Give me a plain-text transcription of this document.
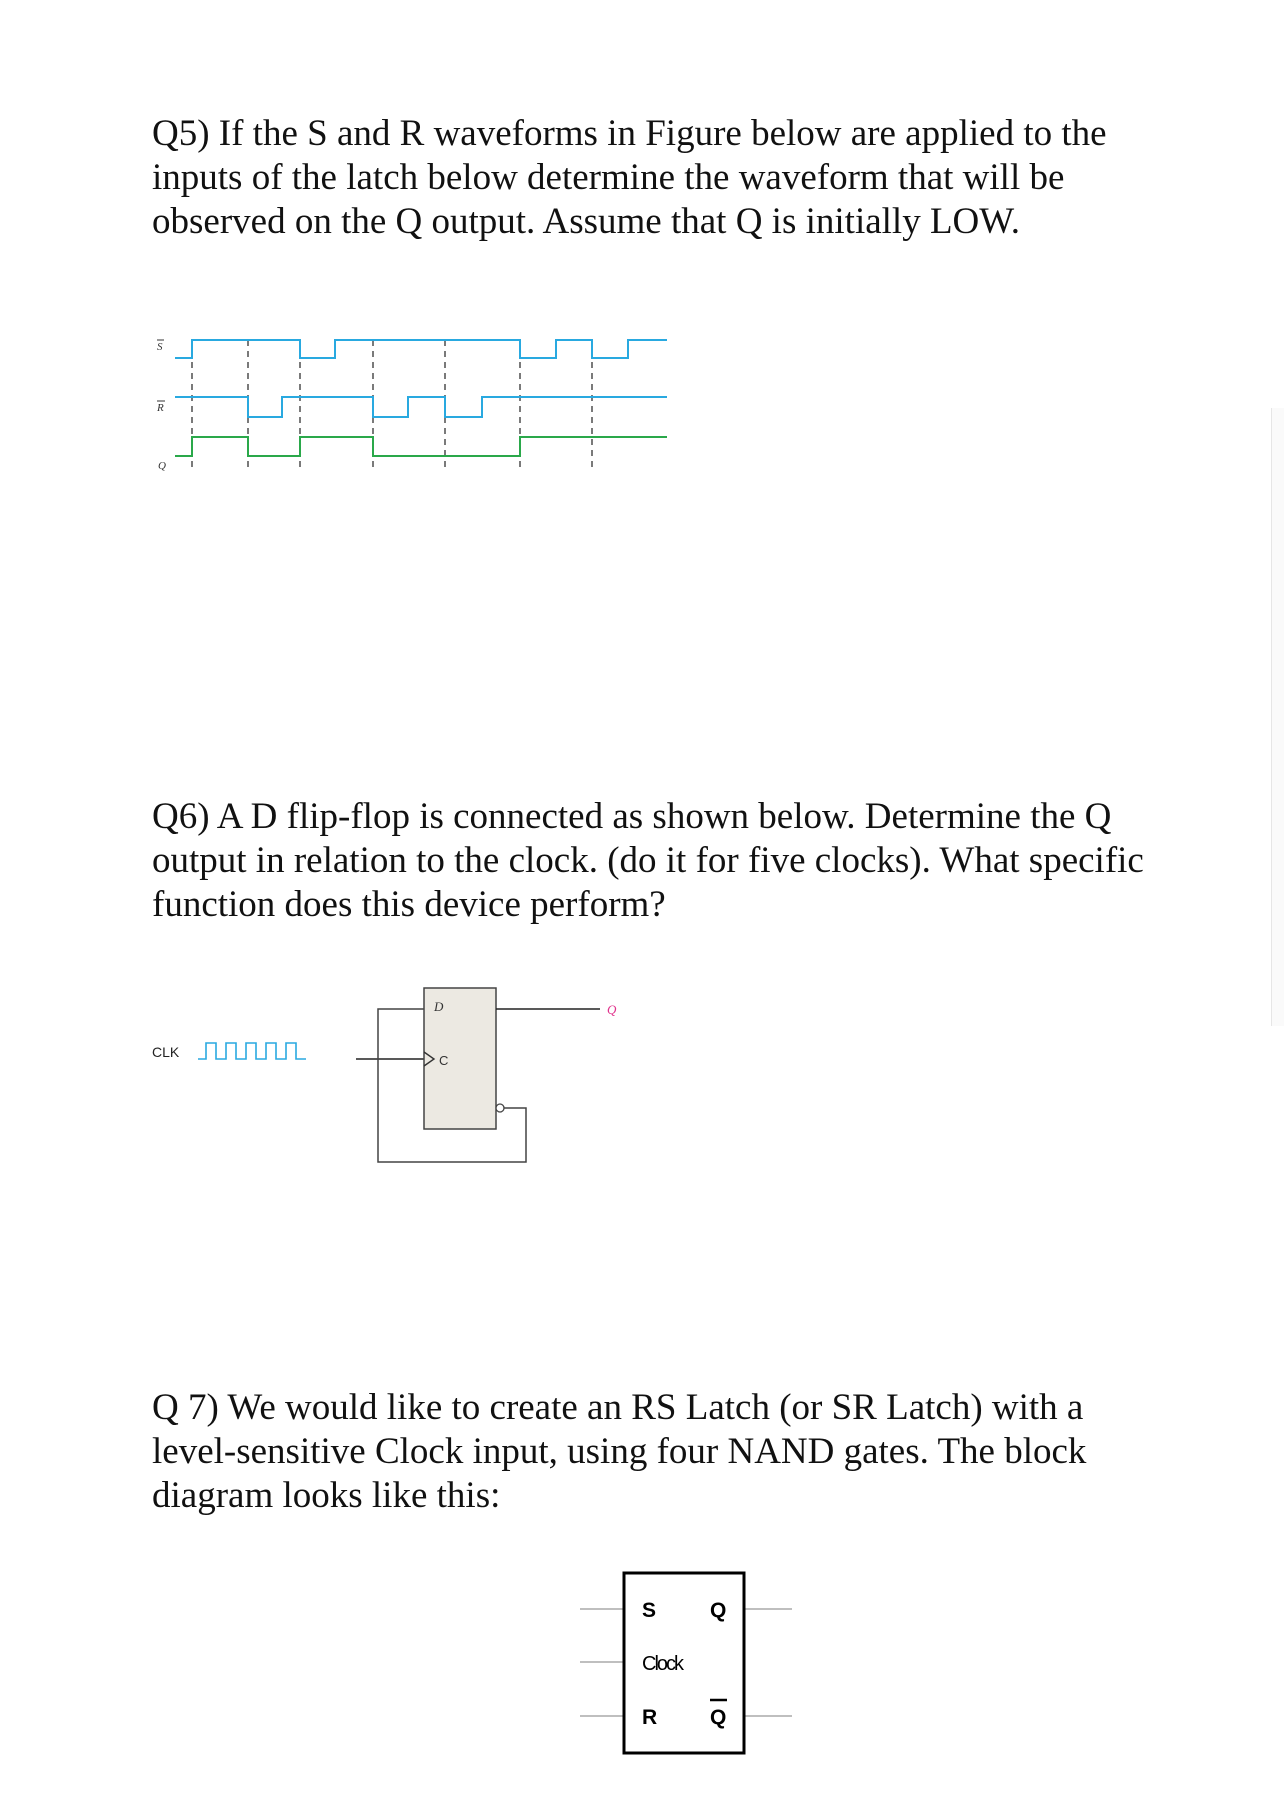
Q5) If the S and R waveforms in Figure below are applied to the inputs of the latch below determine the waveform that will be observed on the Q output. Assume that Q is initially LOW.

S
R
Q

Q6) A D flip-flop is connected as shown below. Determine the Q output in relation to the clock. (do it for five clocks). What specific function does this device perform?

CLK
D
C
Q

Q 7) We would like to create an RS Latch (or SR Latch) with a level-sensitive Clock input, using four NAND gates. The block diagram looks like this:

S	Q
Clock
R	Q
